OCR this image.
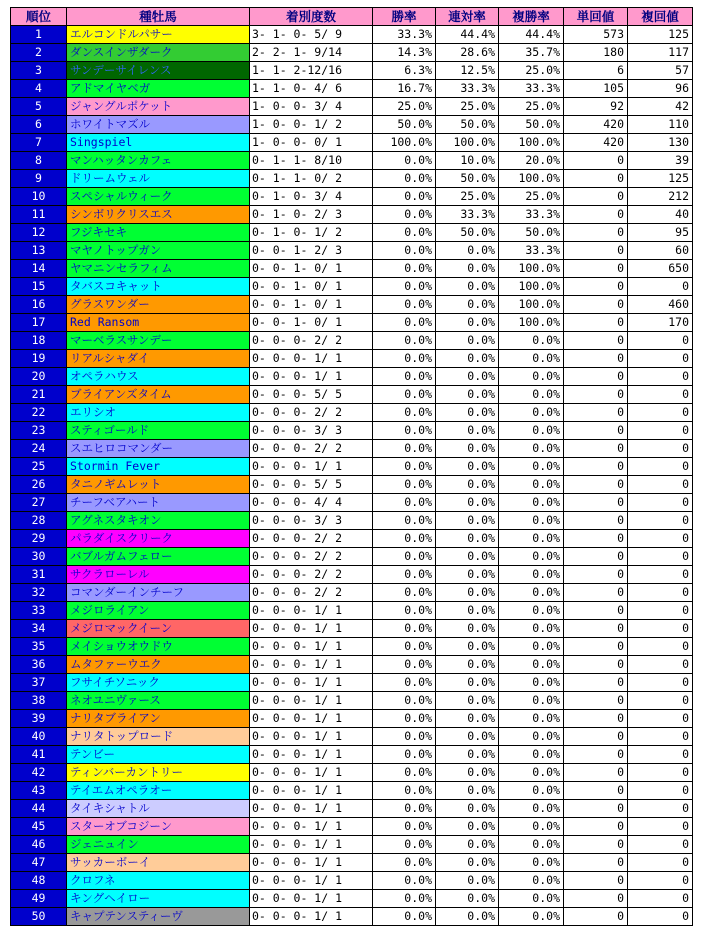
順位	種牡馬	着別度数	勝率	連対率	複勝率	単回値	複回値
1	エルコンドルパサー	3- 1- 0- 5/ 9	33.3%	44.4%	44.4%	573	125
2	ダンスインザダーク	2- 2- 1- 9/14	14.3%	28.6%	35.7%	180	117
3	サンデーサイレンス	1- 1- 2-12/16	6.3%	12.5%	25.0%	6	57
4	アドマイヤベガ	1- 1- 0- 4/ 6	16.7%	33.3%	33.3%	105	96
5	ジャングルポケット	1- 0- 0- 3/ 4	25.0%	25.0%	25.0%	92	42
6	ホワイトマズル	1- 0- 0- 1/ 2	50.0%	50.0%	50.0%	420	110
7	Singspiel	1- 0- 0- 0/ 1	100.0%	100.0%	100.0%	420	130
8	マンハッタンカフェ	0- 1- 1- 8/10	0.0%	10.0%	20.0%	0	39
9	ドリームウェル	0- 1- 1- 0/ 2	0.0%	50.0%	100.0%	0	125
10	スペシャルウィーク	0- 1- 0- 3/ 4	0.0%	25.0%	25.0%	0	212
11	シンボリクリスエス	0- 1- 0- 2/ 3	0.0%	33.3%	33.3%	0	40
12	フジキセキ	0- 1- 0- 1/ 2	0.0%	50.0%	50.0%	0	95
13	マヤノトップガン	0- 0- 1- 2/ 3	0.0%	0.0%	33.3%	0	60
14	ヤマニンセラフィム	0- 0- 1- 0/ 1	0.0%	0.0%	100.0%	0	650
15	タバスコキャット	0- 0- 1- 0/ 1	0.0%	0.0%	100.0%	0	0
16	グラスワンダー	0- 0- 1- 0/ 1	0.0%	0.0%	100.0%	0	460
17	Red Ransom	0- 0- 1- 0/ 1	0.0%	0.0%	100.0%	0	170
18	マーベラスサンデー	0- 0- 0- 2/ 2	0.0%	0.0%	0.0%	0	0
19	リアルシャダイ	0- 0- 0- 1/ 1	0.0%	0.0%	0.0%	0	0
20	オペラハウス	0- 0- 0- 1/ 1	0.0%	0.0%	0.0%	0	0
21	ブライアンズタイム	0- 0- 0- 5/ 5	0.0%	0.0%	0.0%	0	0
22	エリシオ	0- 0- 0- 2/ 2	0.0%	0.0%	0.0%	0	0
23	スティゴールド	0- 0- 0- 3/ 3	0.0%	0.0%	0.0%	0	0
24	スエヒロコマンダー	0- 0- 0- 2/ 2	0.0%	0.0%	0.0%	0	0
25	Stormin Fever	0- 0- 0- 1/ 1	0.0%	0.0%	0.0%	0	0
26	タニノギムレット	0- 0- 0- 5/ 5	0.0%	0.0%	0.0%	0	0
27	チーフベアハート	0- 0- 0- 4/ 4	0.0%	0.0%	0.0%	0	0
28	アグネスタキオン	0- 0- 0- 3/ 3	0.0%	0.0%	0.0%	0	0
29	パラダイスクリーク	0- 0- 0- 2/ 2	0.0%	0.0%	0.0%	0	0
30	バブルガムフェロー	0- 0- 0- 2/ 2	0.0%	0.0%	0.0%	0	0
31	サクラローレル	0- 0- 0- 2/ 2	0.0%	0.0%	0.0%	0	0
32	コマンダーインチーフ	0- 0- 0- 2/ 2	0.0%	0.0%	0.0%	0	0
33	メジロライアン	0- 0- 0- 1/ 1	0.0%	0.0%	0.0%	0	0
34	メジロマックイーン	0- 0- 0- 1/ 1	0.0%	0.0%	0.0%	0	0
35	メイショウオウドウ	0- 0- 0- 1/ 1	0.0%	0.0%	0.0%	0	0
36	ムタファーウエク	0- 0- 0- 1/ 1	0.0%	0.0%	0.0%	0	0
37	フサイチソニック	0- 0- 0- 1/ 1	0.0%	0.0%	0.0%	0	0
38	ネオユニヴァース	0- 0- 0- 1/ 1	0.0%	0.0%	0.0%	0	0
39	ナリタブライアン	0- 0- 0- 1/ 1	0.0%	0.0%	0.0%	0	0
40	ナリタトップロード	0- 0- 0- 1/ 1	0.0%	0.0%	0.0%	0	0
41	テンビー	0- 0- 0- 1/ 1	0.0%	0.0%	0.0%	0	0
42	ティンバーカントリー	0- 0- 0- 1/ 1	0.0%	0.0%	0.0%	0	0
43	テイエムオペラオー	0- 0- 0- 1/ 1	0.0%	0.0%	0.0%	0	0
44	タイキシャトル	0- 0- 0- 1/ 1	0.0%	0.0%	0.0%	0	0
45	スターオブコジーン	0- 0- 0- 1/ 1	0.0%	0.0%	0.0%	0	0
46	ジェニュイン	0- 0- 0- 1/ 1	0.0%	0.0%	0.0%	0	0
47	サッカーボーイ	0- 0- 0- 1/ 1	0.0%	0.0%	0.0%	0	0
48	クロフネ	0- 0- 0- 1/ 1	0.0%	0.0%	0.0%	0	0
49	キングヘイロー	0- 0- 0- 1/ 1	0.0%	0.0%	0.0%	0	0
50	キャプテンスティーヴ	0- 0- 0- 1/ 1	0.0%	0.0%	0.0%	0	0
